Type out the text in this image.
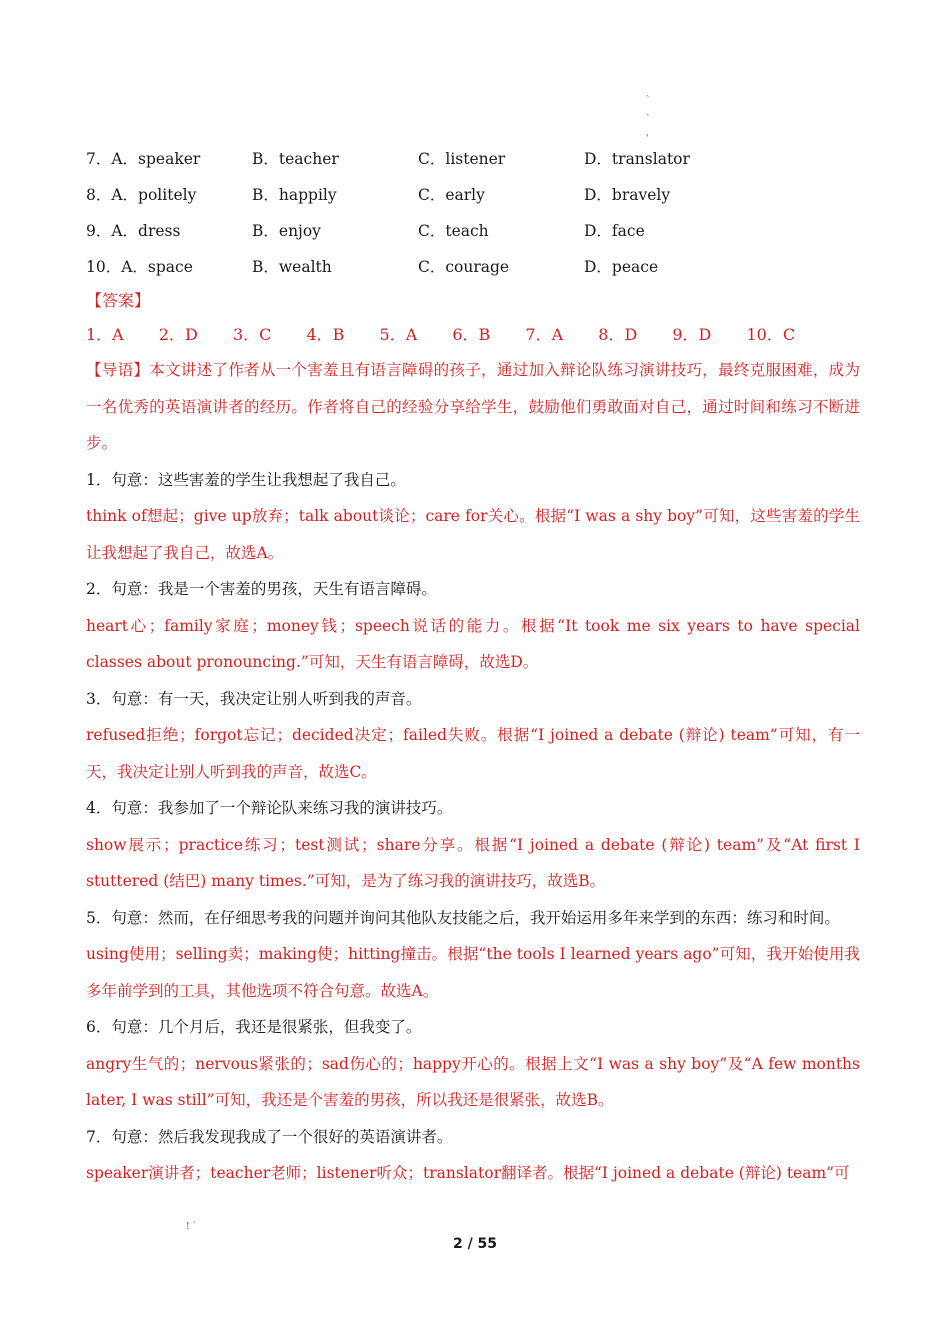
`
`
'
7．A．speaker	B．teacher	C．listener	D．translator
8．A．politely	B．happily	C．early	D．bravely
9．A．dress	B．enjoy	C．teach	D．face
10．A．space	B．wealth	C．courage	D．peace
【答案】
1．A 2．D 3．C 4．B 5．A 6．B 7．A 8．D 9．D 10．C

【导语】本文讲述了作者从一个害羞且有语言障碍的孩子，通过加入辩论队练习演讲技巧，最终克服困难，成为一名优秀的英语演讲者的经历。作者将自己的经验分享给学生，鼓励他们勇敢面对自己，通过时间和练习不断进步。

1．句意：这些害羞的学生让我想起了我自己。

think of想起；give up放弃；talk about谈论；care for关心。根据“I was a shy boy”可知，这些害羞的学生让我想起了我自己，故选A。

2．句意：我是一个害羞的男孩，天生有语言障碍。

heart心；family家庭；money钱；speech说话的能力。根据“It took me six years to have special classes about pronouncing.”可知，天生有语言障碍，故选D。

3．句意：有一天，我决定让别人听到我的声音。

refused拒绝；forgot忘记；decided决定；failed失败。根据“I joined a debate (辩论) team”可知，有一天，我决定让别人听到我的声音，故选C。

4．句意：我参加了一个辩论队来练习我的演讲技巧。

show展示；practice练习；test测试；share分享。根据“I joined a debate (辩论) team”及“At first I stuttered (结巴) many times.”可知，是为了练习我的演讲技巧，故选B。

5．句意：然而，在仔细思考我的问题并询问其他队友技能之后，我开始运用多年来学到的东西：练习和时间。

using使用；selling卖；making使；hitting撞击。根据“the tools I learned years ago”可知，我开始使用我多年前学到的工具，其他选项不符合句意。故选A。

6．句意：几个月后，我还是很紧张，但我变了。

angry生气的；nervous紧张的；sad伤心的；happy开心的。根据上文“I was a shy boy”及“A few months later, I was still”可知，我还是个害羞的男孩，所以我还是很紧张，故选B。

7．句意：然后我发现我成了一个很好的英语演讲者。

speaker演讲者；teacher老师；listener听众；translator翻译者。根据“I joined a debate (辩论) team”可

! `
2 / 55
